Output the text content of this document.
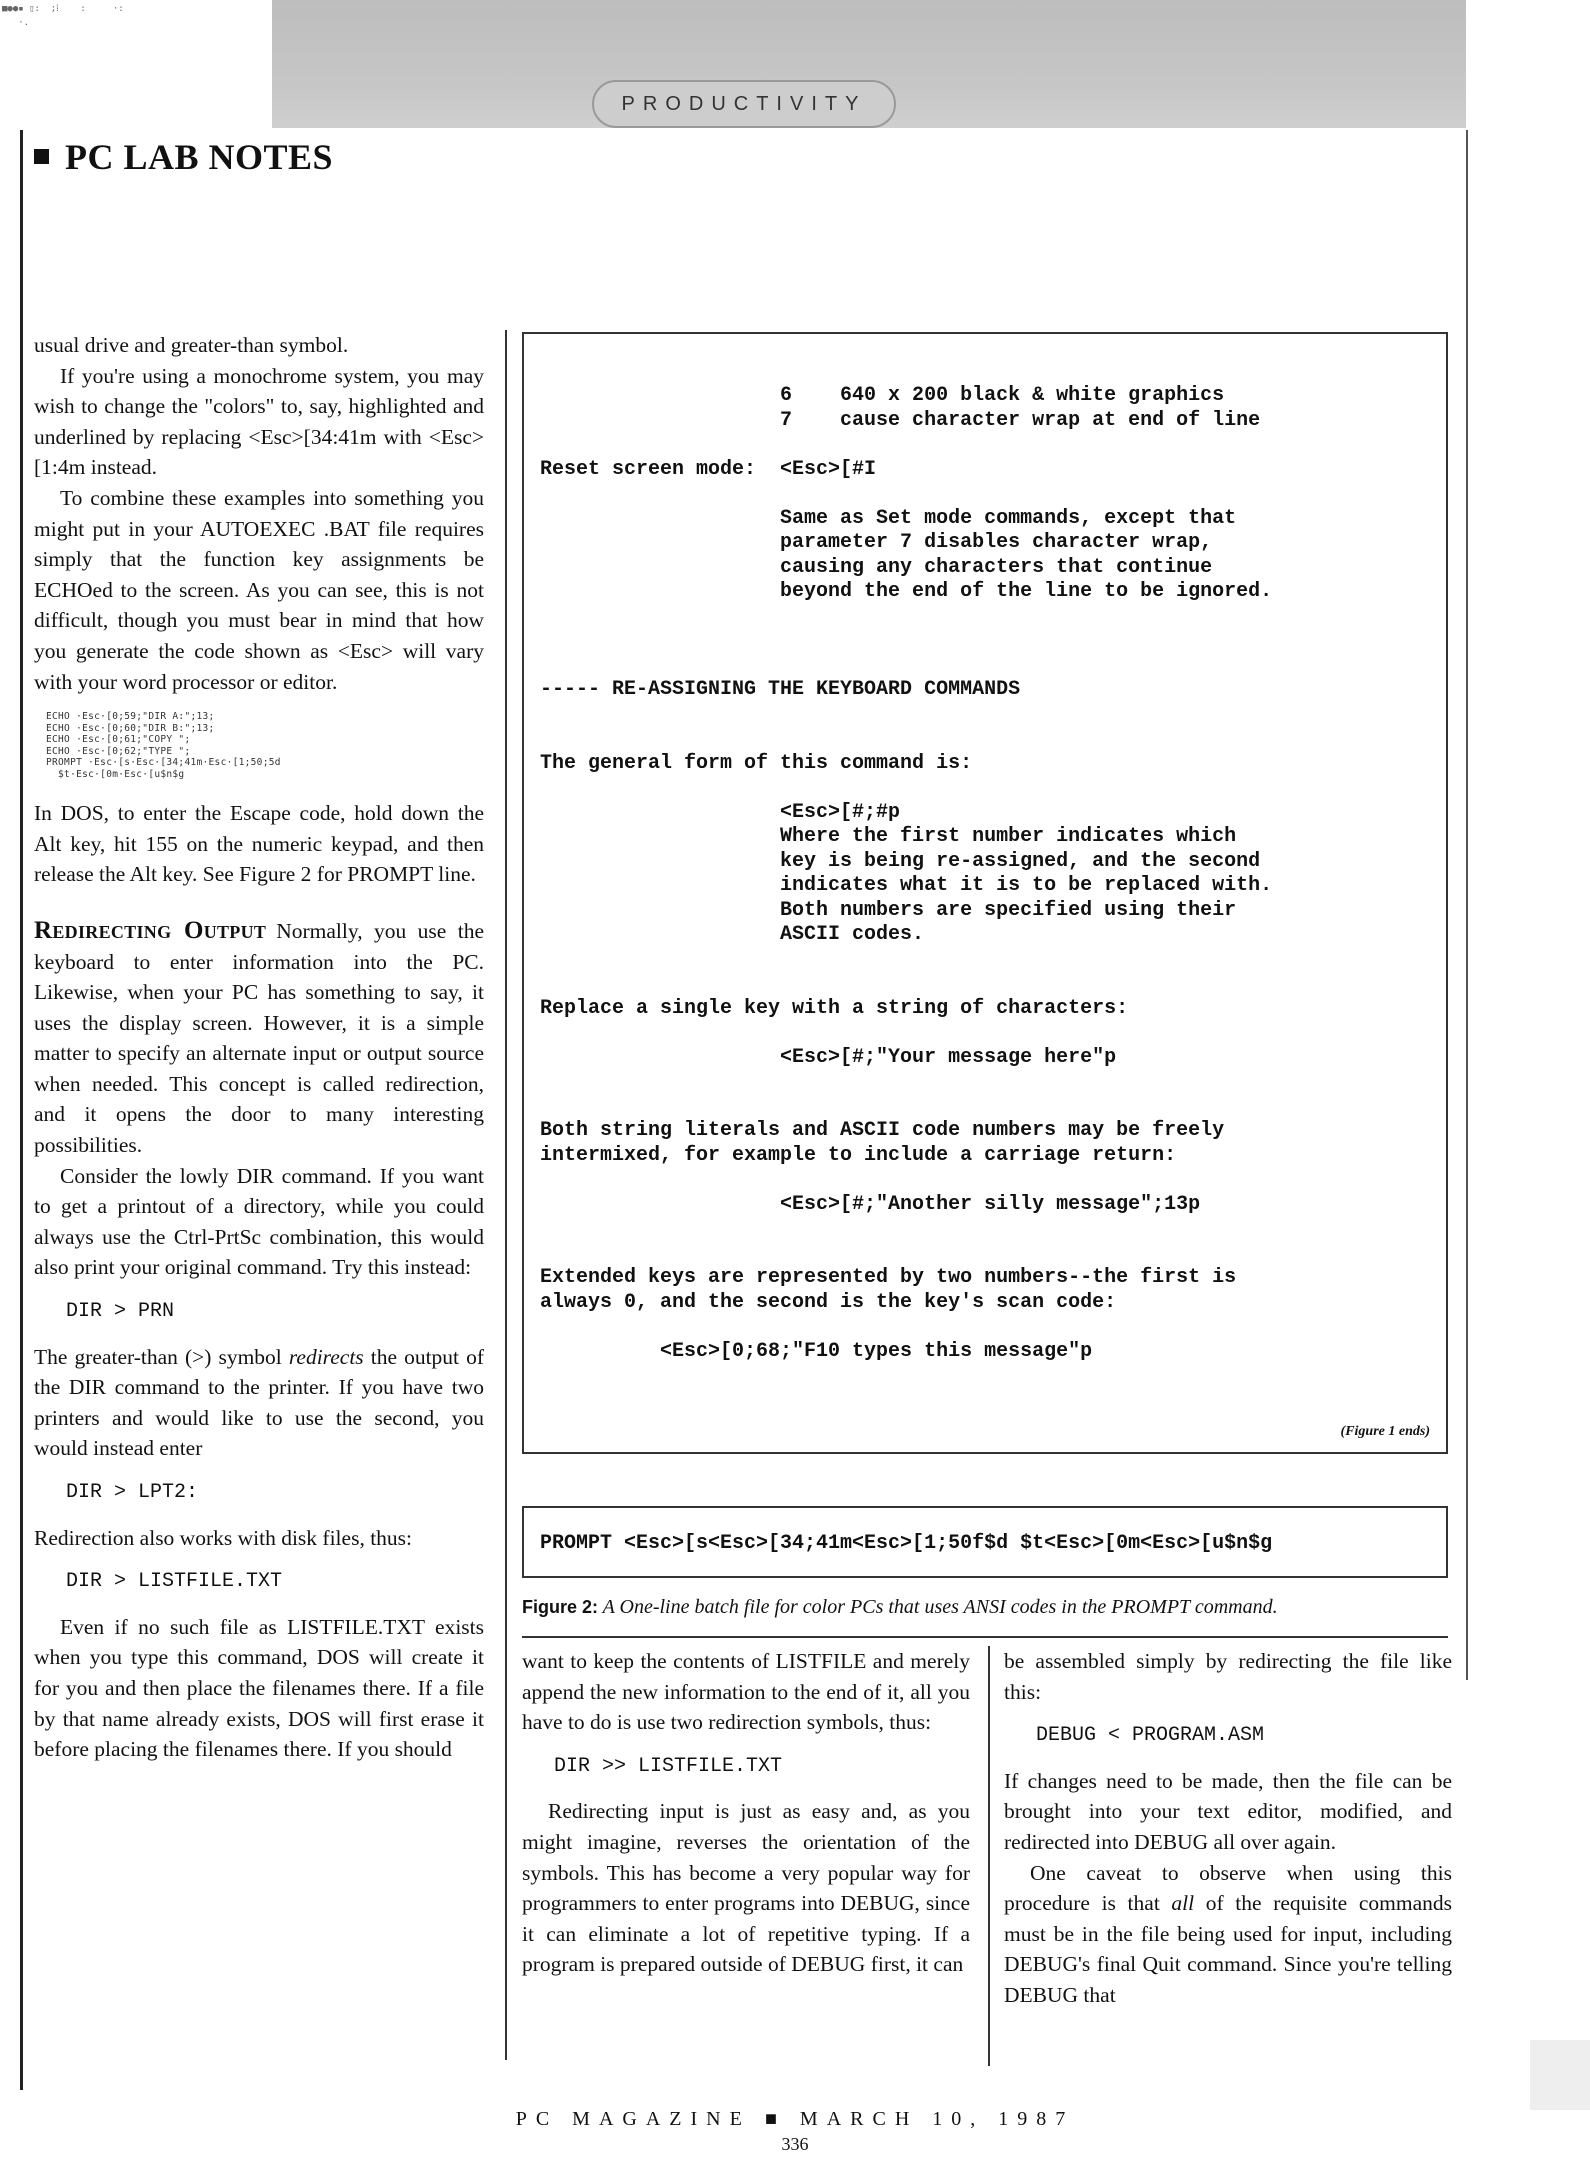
■●●▪ ▯:  ;⁞    :     ·:
·.
PRODUCTIVITY
PC LAB NOTES

usual drive and greater-than symbol.

If you're using a monochrome system, you may wish to change the "colors" to, say, highlighted and underlined by replacing <Esc>[34:41m with <Esc>[1:4m instead.

To combine these examples into something you might put in your AUTOEXEC .BAT file requires simply that the function key assignments be ECHOed to the screen. As you can see, this is not difficult, though you must bear in mind that how you generate the code shown as <Esc> will vary with your word processor or editor.

ECHO ·Esc·[0;59;"DIR A:";13;
ECHO ·Esc·[0;60;"DIR B:";13;
ECHO ·Esc·[0;61;"COPY ";
ECHO ·Esc·[0;62;"TYPE ";
PROMPT ·Esc·[s·Esc·[34;41m·Esc·[1;50;5d
$t·Esc·[0m·Esc·[u$n$g

In DOS, to enter the Escape code, hold down the Alt key, hit 155 on the numeric keypad, and then release the Alt key. See Figure 2 for PROMPT line.

Redirecting Output Normally, you use the keyboard to enter information into the PC. Likewise, when your PC has something to say, it uses the display screen. However, it is a simple matter to specify an alternate input or output source when needed. This concept is called redirection, and it opens the door to many interesting possibilities.

Consider the lowly DIR command. If you want to get a printout of a directory, while you could always use the Ctrl-PrtSc combination, this would also print your original command. Try this instead:

DIR > PRN

The greater-than (>) symbol redirects the output of the DIR command to the printer. If you have two printers and would like to use the second, you would instead enter

DIR > LPT2:

Redirection also works with disk files, thus:

DIR > LISTFILE.TXT

Even if no such file as LISTFILE.TXT exists when you type this command, DOS will create it for you and then place the filenames there. If a file by that name already exists, DOS will first erase it before placing the filenames there. If you should

6    640 x 200 black & white graphics
7    cause character wrap at end of line

Reset screen mode:  <Esc>[#I

Same as Set mode commands, except that
parameter 7 disables character wrap,
causing any characters that continue
beyond the end of the line to be ignored.

----- RE-ASSIGNING THE KEYBOARD COMMANDS

The general form of this command is:

<Esc>[#;#p
Where the first number indicates which
key is being re-assigned, and the second
indicates what it is to be replaced with.
Both numbers are specified using their
ASCII codes.

Replace a single key with a string of characters:

<Esc>[#;"Your message here"p

Both string literals and ASCII code numbers may be freely
intermixed, for example to include a carriage return:

<Esc>[#;"Another silly message";13p

Extended keys are represented by two numbers--the first is
always 0, and the second is the key's scan code:

<Esc>[0;68;"F10 types this message"p
(Figure 1 ends)
PROMPT <Esc>[s<Esc>[34;41m<Esc>[1;50f$d $t<Esc>[0m<Esc>[u$n$g
Figure 2: A One-line batch file for color PCs that uses ANSI codes in the PROMPT command.

want to keep the contents of LISTFILE and merely append the new information to the end of it, all you have to do is use two redirection symbols, thus:

DIR >> LISTFILE.TXT

Redirecting input is just as easy and, as you might imagine, reverses the orientation of the symbols. This has become a very popular way for programmers to enter programs into DEBUG, since it can eliminate a lot of repetitive typing. If a program is prepared outside of DEBUG first, it can

be assembled simply by redirecting the file like this:

DEBUG < PROGRAM.ASM

If changes need to be made, then the file can be brought into your text editor, modified, and redirected into DEBUG all over again.

One caveat to observe when using this procedure is that all of the requisite commands must be in the file being used for input, including DEBUG's final Quit command. Since you're telling DEBUG that

PC MAGAZINE ■ MARCH 10, 1987
336
